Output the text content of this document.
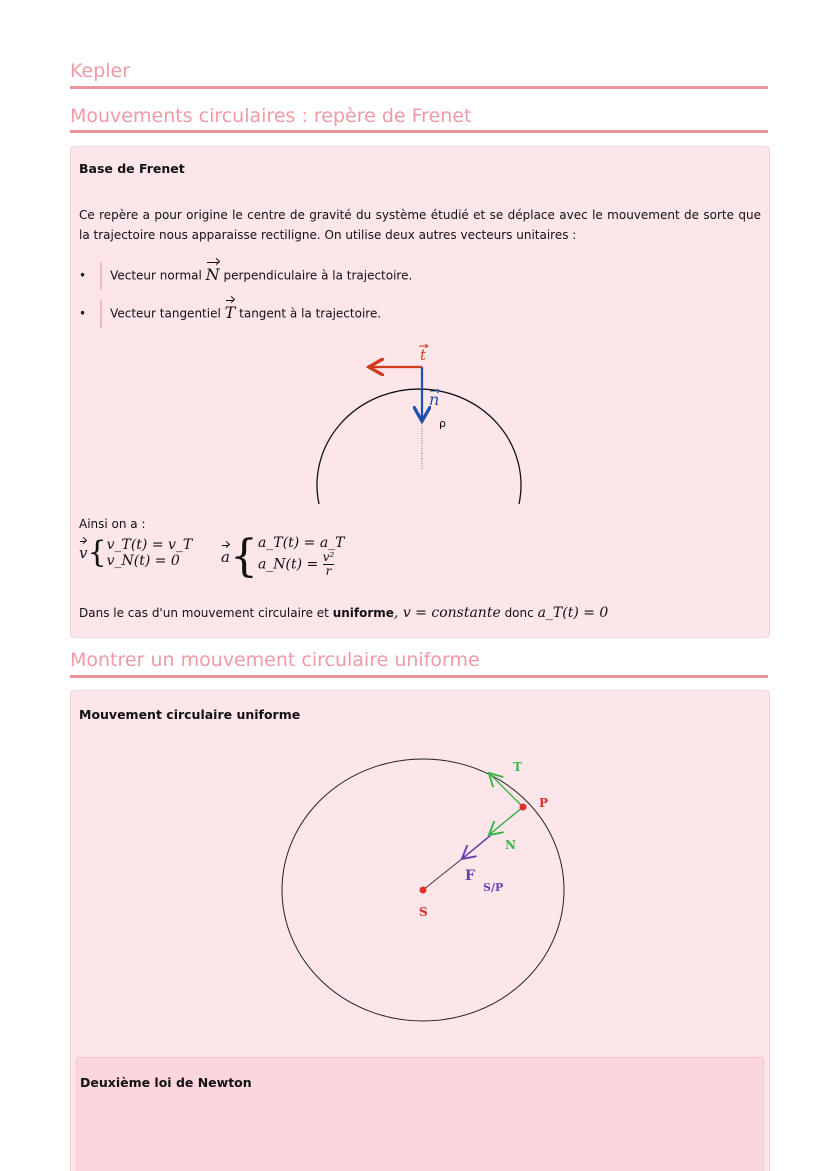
Kepler
Mouvements circulaires : repère de Frenet
Base de Frenet
Ce repère a pour origine le centre de gravité du système étudié et se déplace avec le mouvement de sorte que la trajectoire nous apparaisse rectiligne. On utilise deux autres vecteurs unitaires :
• Vecteur normal N perpendiculaire à la trajectoire.
• Vecteur tangentiel T tangent à la trajectoire.
t
n
ρ
Ainsi on a :
v{v_T(t) = v_T
v_N(t) = 0	a{a_T(t) = a_T
a_N(t) = $\frac{\text{v²}}{r}$
Dans le cas d'un mouvement circulaire et uniforme, v = constante donc a_T(t) = 0
Montrer un mouvement circulaire uniforme
Mouvement circulaire uniforme
T
P
N
F
S/P
S
Deuxième loi de Newton
